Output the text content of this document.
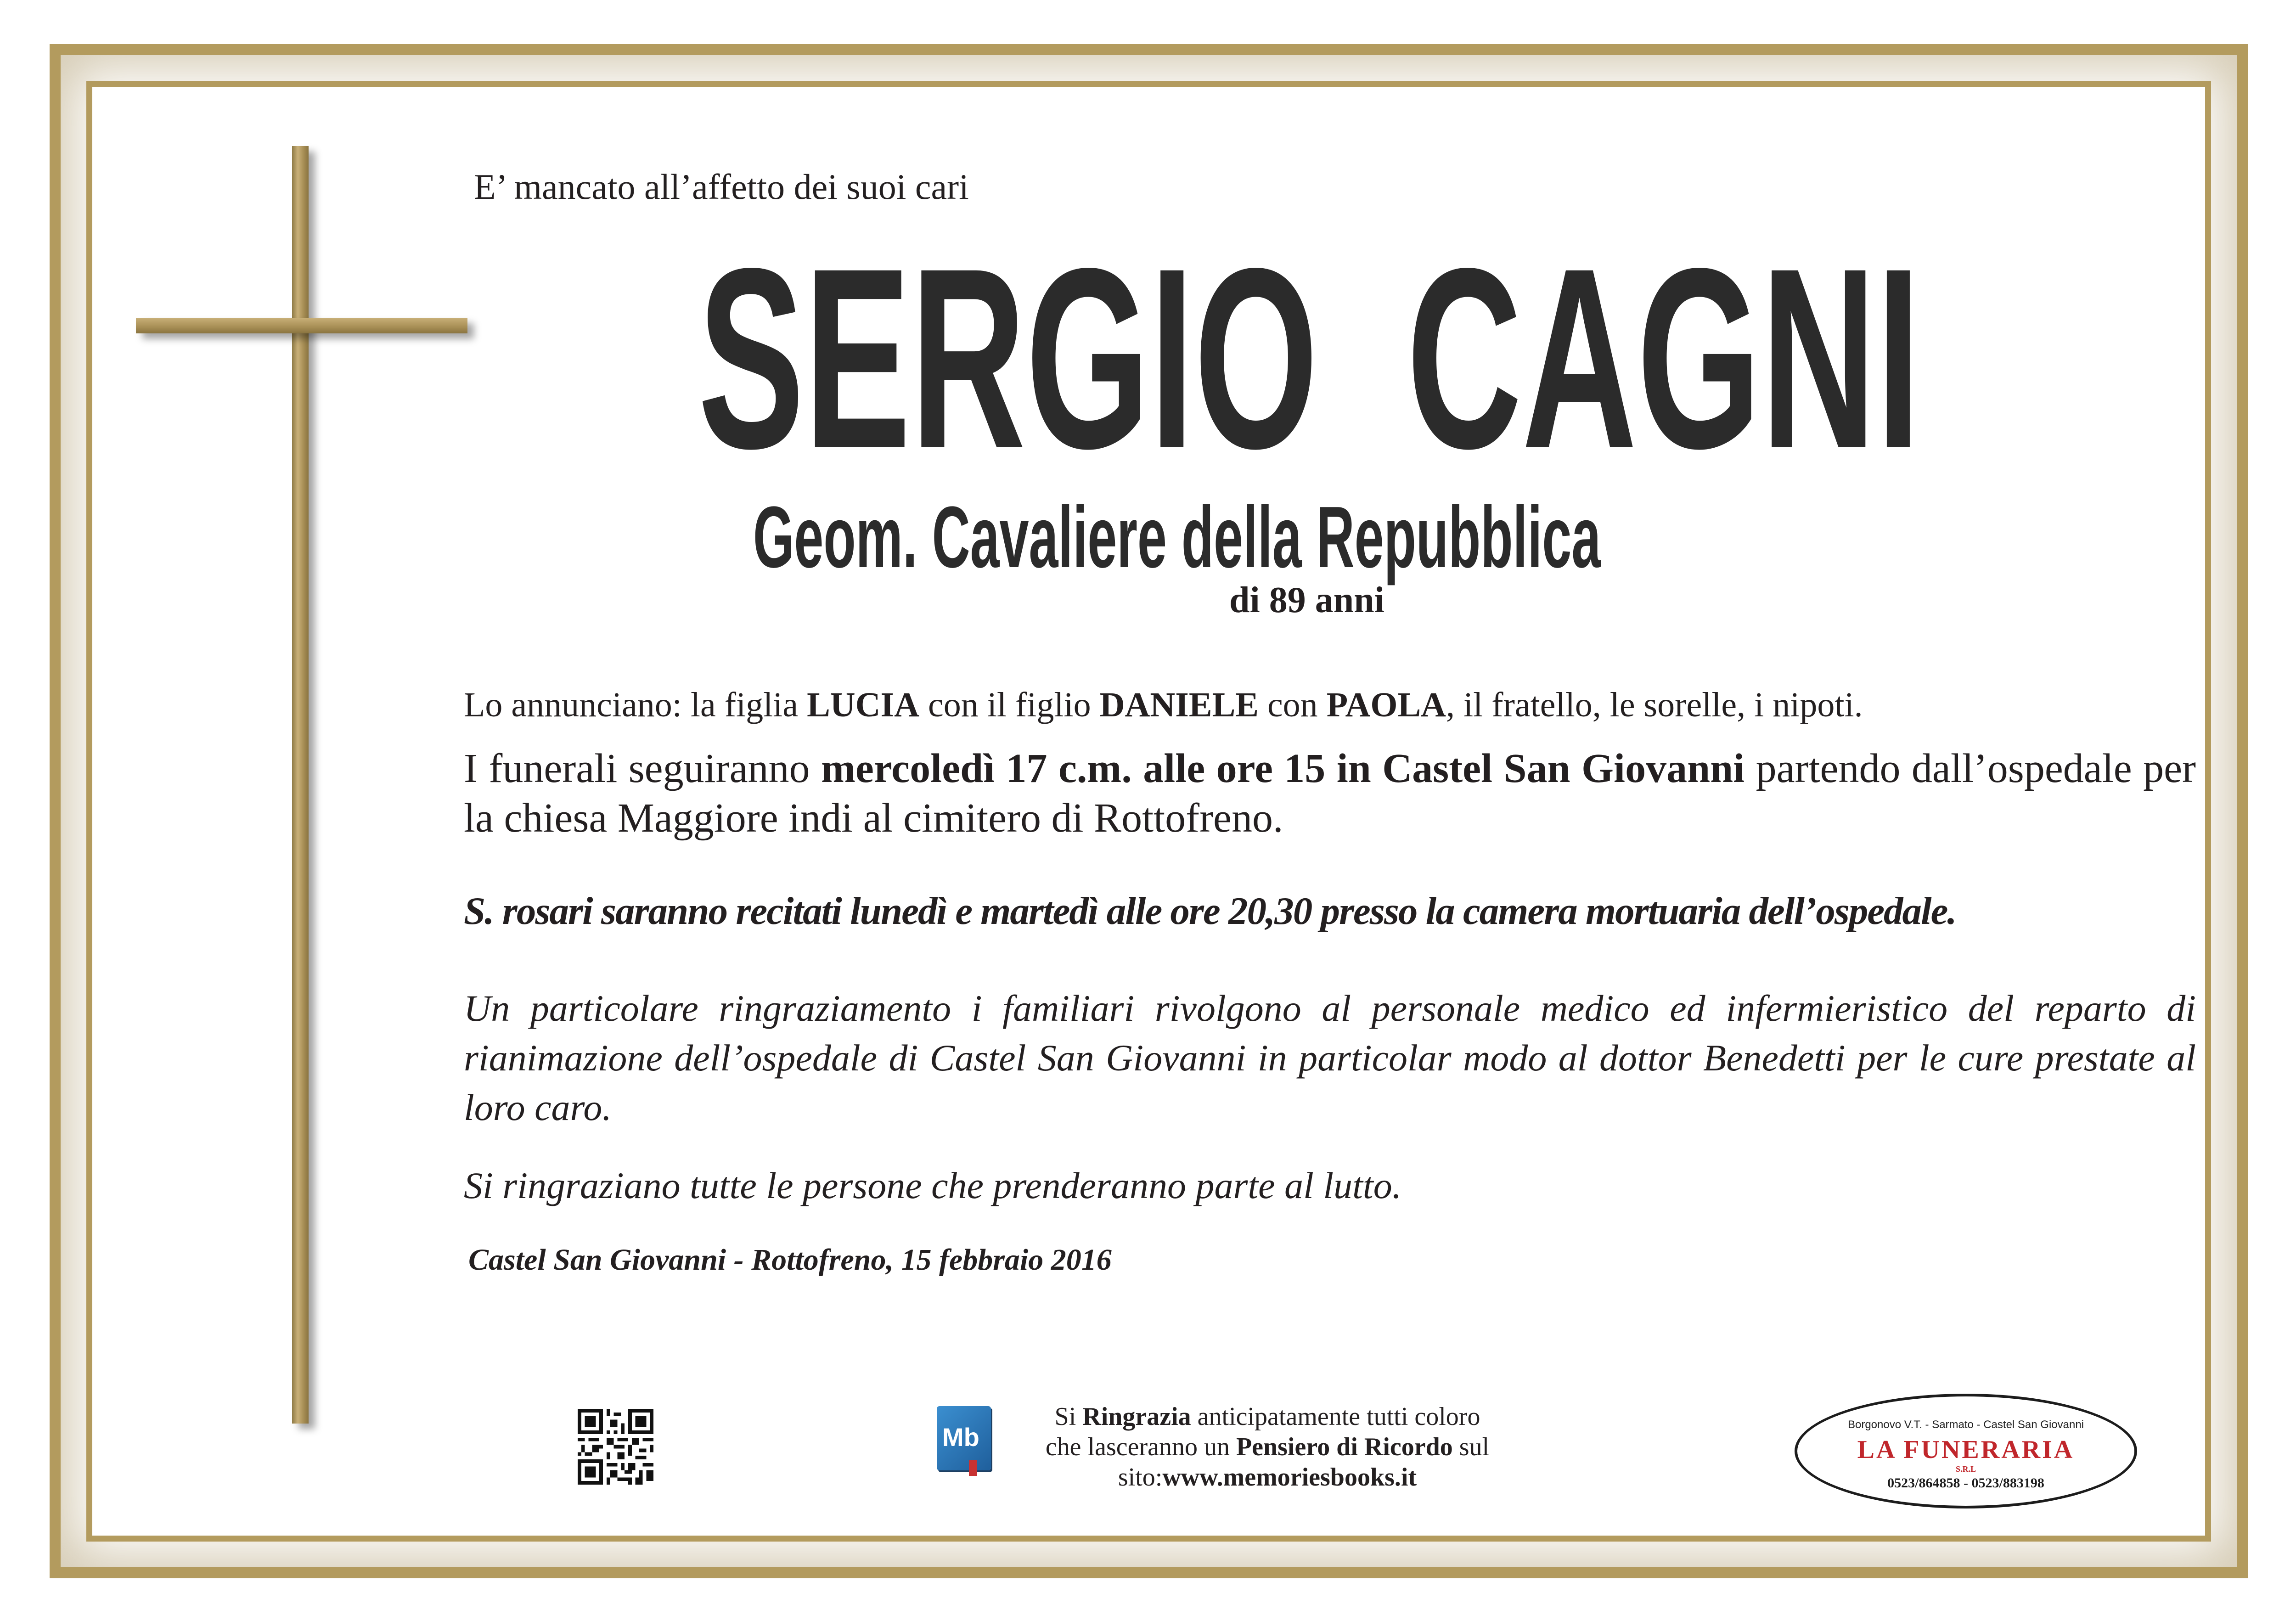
E’ mancato all’affetto dei suoi cari

SERGIO  CAGNI

Geom. Cavaliere della Repubblica

di 89 anni

Lo annunciano: la figlia LUCIA con il figlio DANIELE con PAOLA, il fratello, le sorelle, i nipoti.

I funerali seguiranno mercoledì 17 c.m. alle ore 15 in Castel San Giovanni partendo dall’ospedale per la chiesa Maggiore indi al cimitero di Rottofreno.

S. rosari saranno recitati lunedì e martedì alle ore 20,30 presso la camera mortuaria dell’ospedale.

Un particolare ringraziamento i familiari rivolgono al personale medico ed infermieristico del reparto di rianimazione dell’ospedale di Castel San Giovanni in particolar modo al dottor Benedetti per le cure prestate al loro caro.

Si ringraziano tutte le persone che prenderanno parte al lutto.

Castel San Giovanni - Rottofreno, 15 febbraio 2016

Mb

Si Ringrazia anticipatamente tutti coloro
che lasceranno un Pensiero di Ricordo sul
sito:www.memoriesbooks.it

Borgonovo V.T. - Sarmato - Castel San Giovanni
LA FUNERARIA
S.R.L
0523/864858 - 0523/883198
